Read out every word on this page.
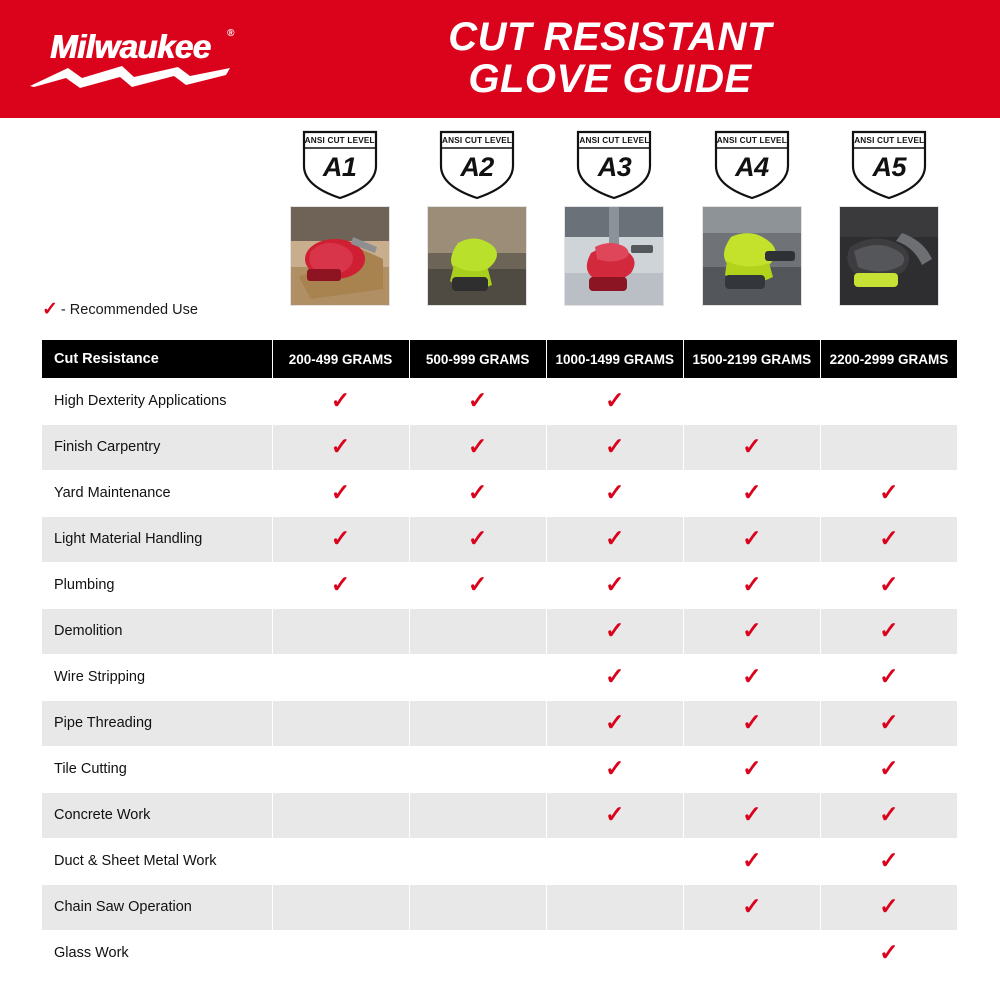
Milwaukee	®	CUT RESISTANT
GLOVE GUIDE
✓ - Recommended Use
ANSI CUT LEVEL
A1
ANSI CUT LEVEL
A2
ANSI CUT LEVEL
A3
ANSI CUT LEVEL
A4
ANSI CUT LEVEL
A5
Cut Resistance	200-499 GRAMS	500-999 GRAMS	1000-1499 GRAMS	1500-2199 GRAMS	2200-2999 GRAMS
High Dexterity Applications	✓	✓	✓		
Finish Carpentry	✓	✓	✓	✓	
Yard Maintenance	✓	✓	✓	✓	✓
Light Material Handling	✓	✓	✓	✓	✓
Plumbing	✓	✓	✓	✓	✓
Demolition			✓	✓	✓
Wire Stripping			✓	✓	✓
Pipe Threading			✓	✓	✓
Tile Cutting			✓	✓	✓
Concrete Work			✓	✓	✓
Duct & Sheet Metal Work				✓	✓
Chain Saw Operation				✓	✓
Glass Work					✓
